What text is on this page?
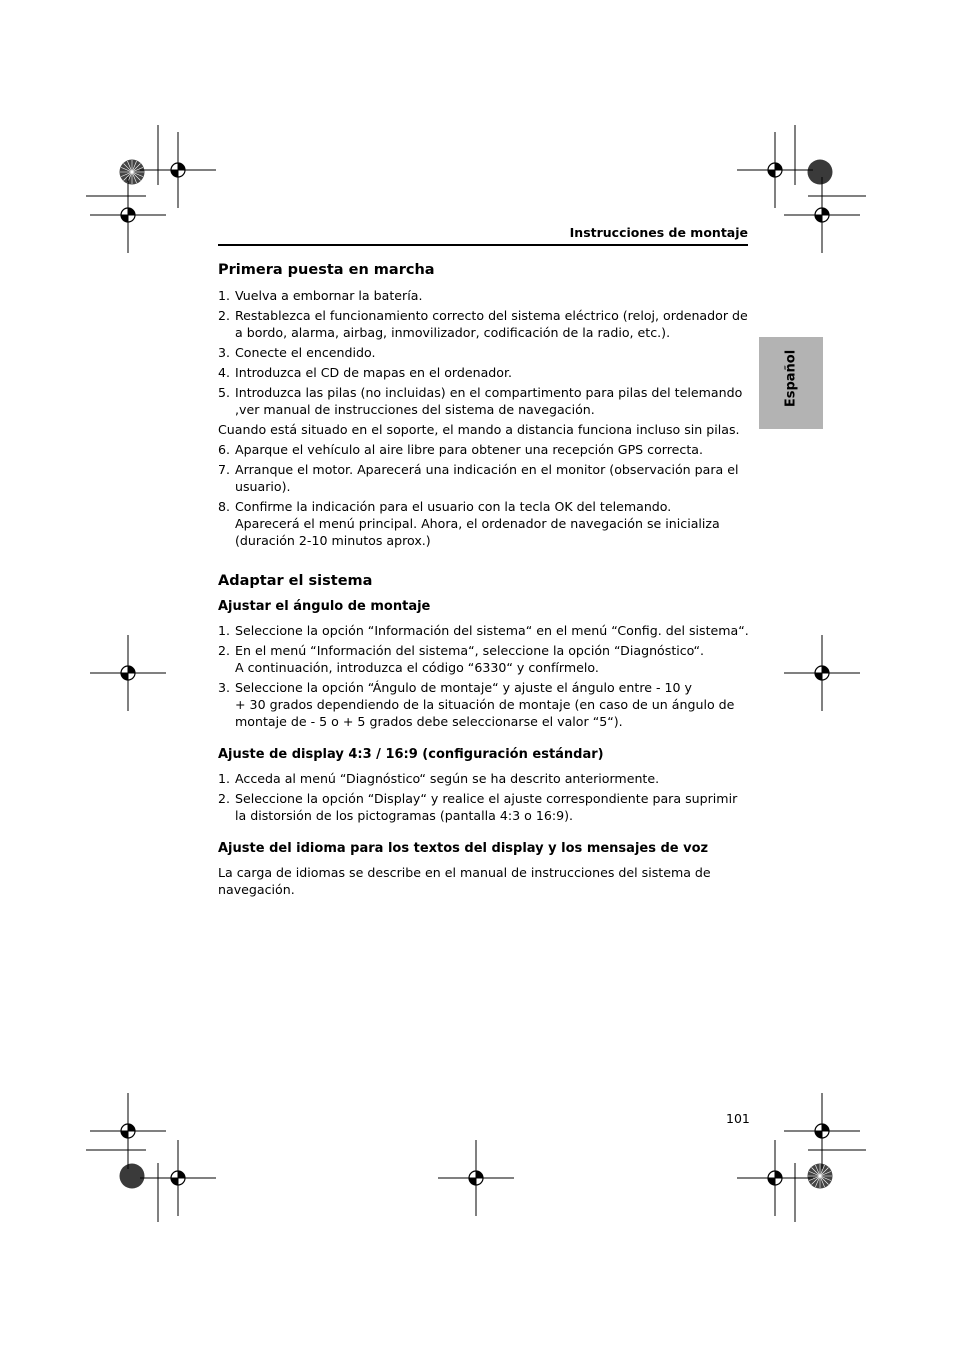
Instrucciones de montaje
Español
Primera puesta en marcha
1. Vuelva a embornar la batería.
2. Restablezca el funcionamiento correcto del sistema eléctrico (reloj, ordenador de a bordo, alarma, airbag, inmovilizador, codificación de la radio, etc.).
3. Conecte el encendido.
4. Introduzca el CD de mapas en el ordenador.
5. Introduzca las pilas (no incluidas) en el compartimento para pilas del telemando ,ver manual de instrucciones del sistema de navegación.

Cuando está situado en el soporte, el mando a distancia funciona incluso sin pilas.

6. Aparque el vehículo al aire libre para obtener una recepción GPS correcta.
7. Arranque el motor. Aparecerá una indicación en el monitor (observación para el usuario).
8. Confirme la indicación para el usuario con la tecla OK del telemando.
Aparecerá el menú principal. Ahora, el ordenador de navegación se inicializa (duración 2-10 minutos aprox.)
Adaptar el sistema
Ajustar el ángulo de montaje
1. Seleccione la opción “Información del sistema“ en el menú “Config. del sistema“.
2. En el menú “Información del sistema“, seleccione la opción “Diagnóstico“.
A continuación, introduzca el código “6330“ y confírmelo.
3. Seleccione la opción “Ángulo de montaje“ y ajuste el ángulo entre - 10 y
+ 30 grados dependiendo de la situación de montaje (en caso de un ángulo de montaje de - 5 o + 5 grados debe seleccionarse el valor “5“).
Ajuste de display 4:3 / 16:9 (configuración estándar)
1. Acceda al menú “Diagnóstico“ según se ha descrito anteriormente.
2. Seleccione la opción “Display“ y realice el ajuste correspondiente para suprimir la distorsión de los pictogramas (pantalla 4:3 o 16:9).
Ajuste del idioma para los textos del display y los mensajes de voz

La carga de idiomas se describe en el manual de instrucciones del sistema de navegación.

101
